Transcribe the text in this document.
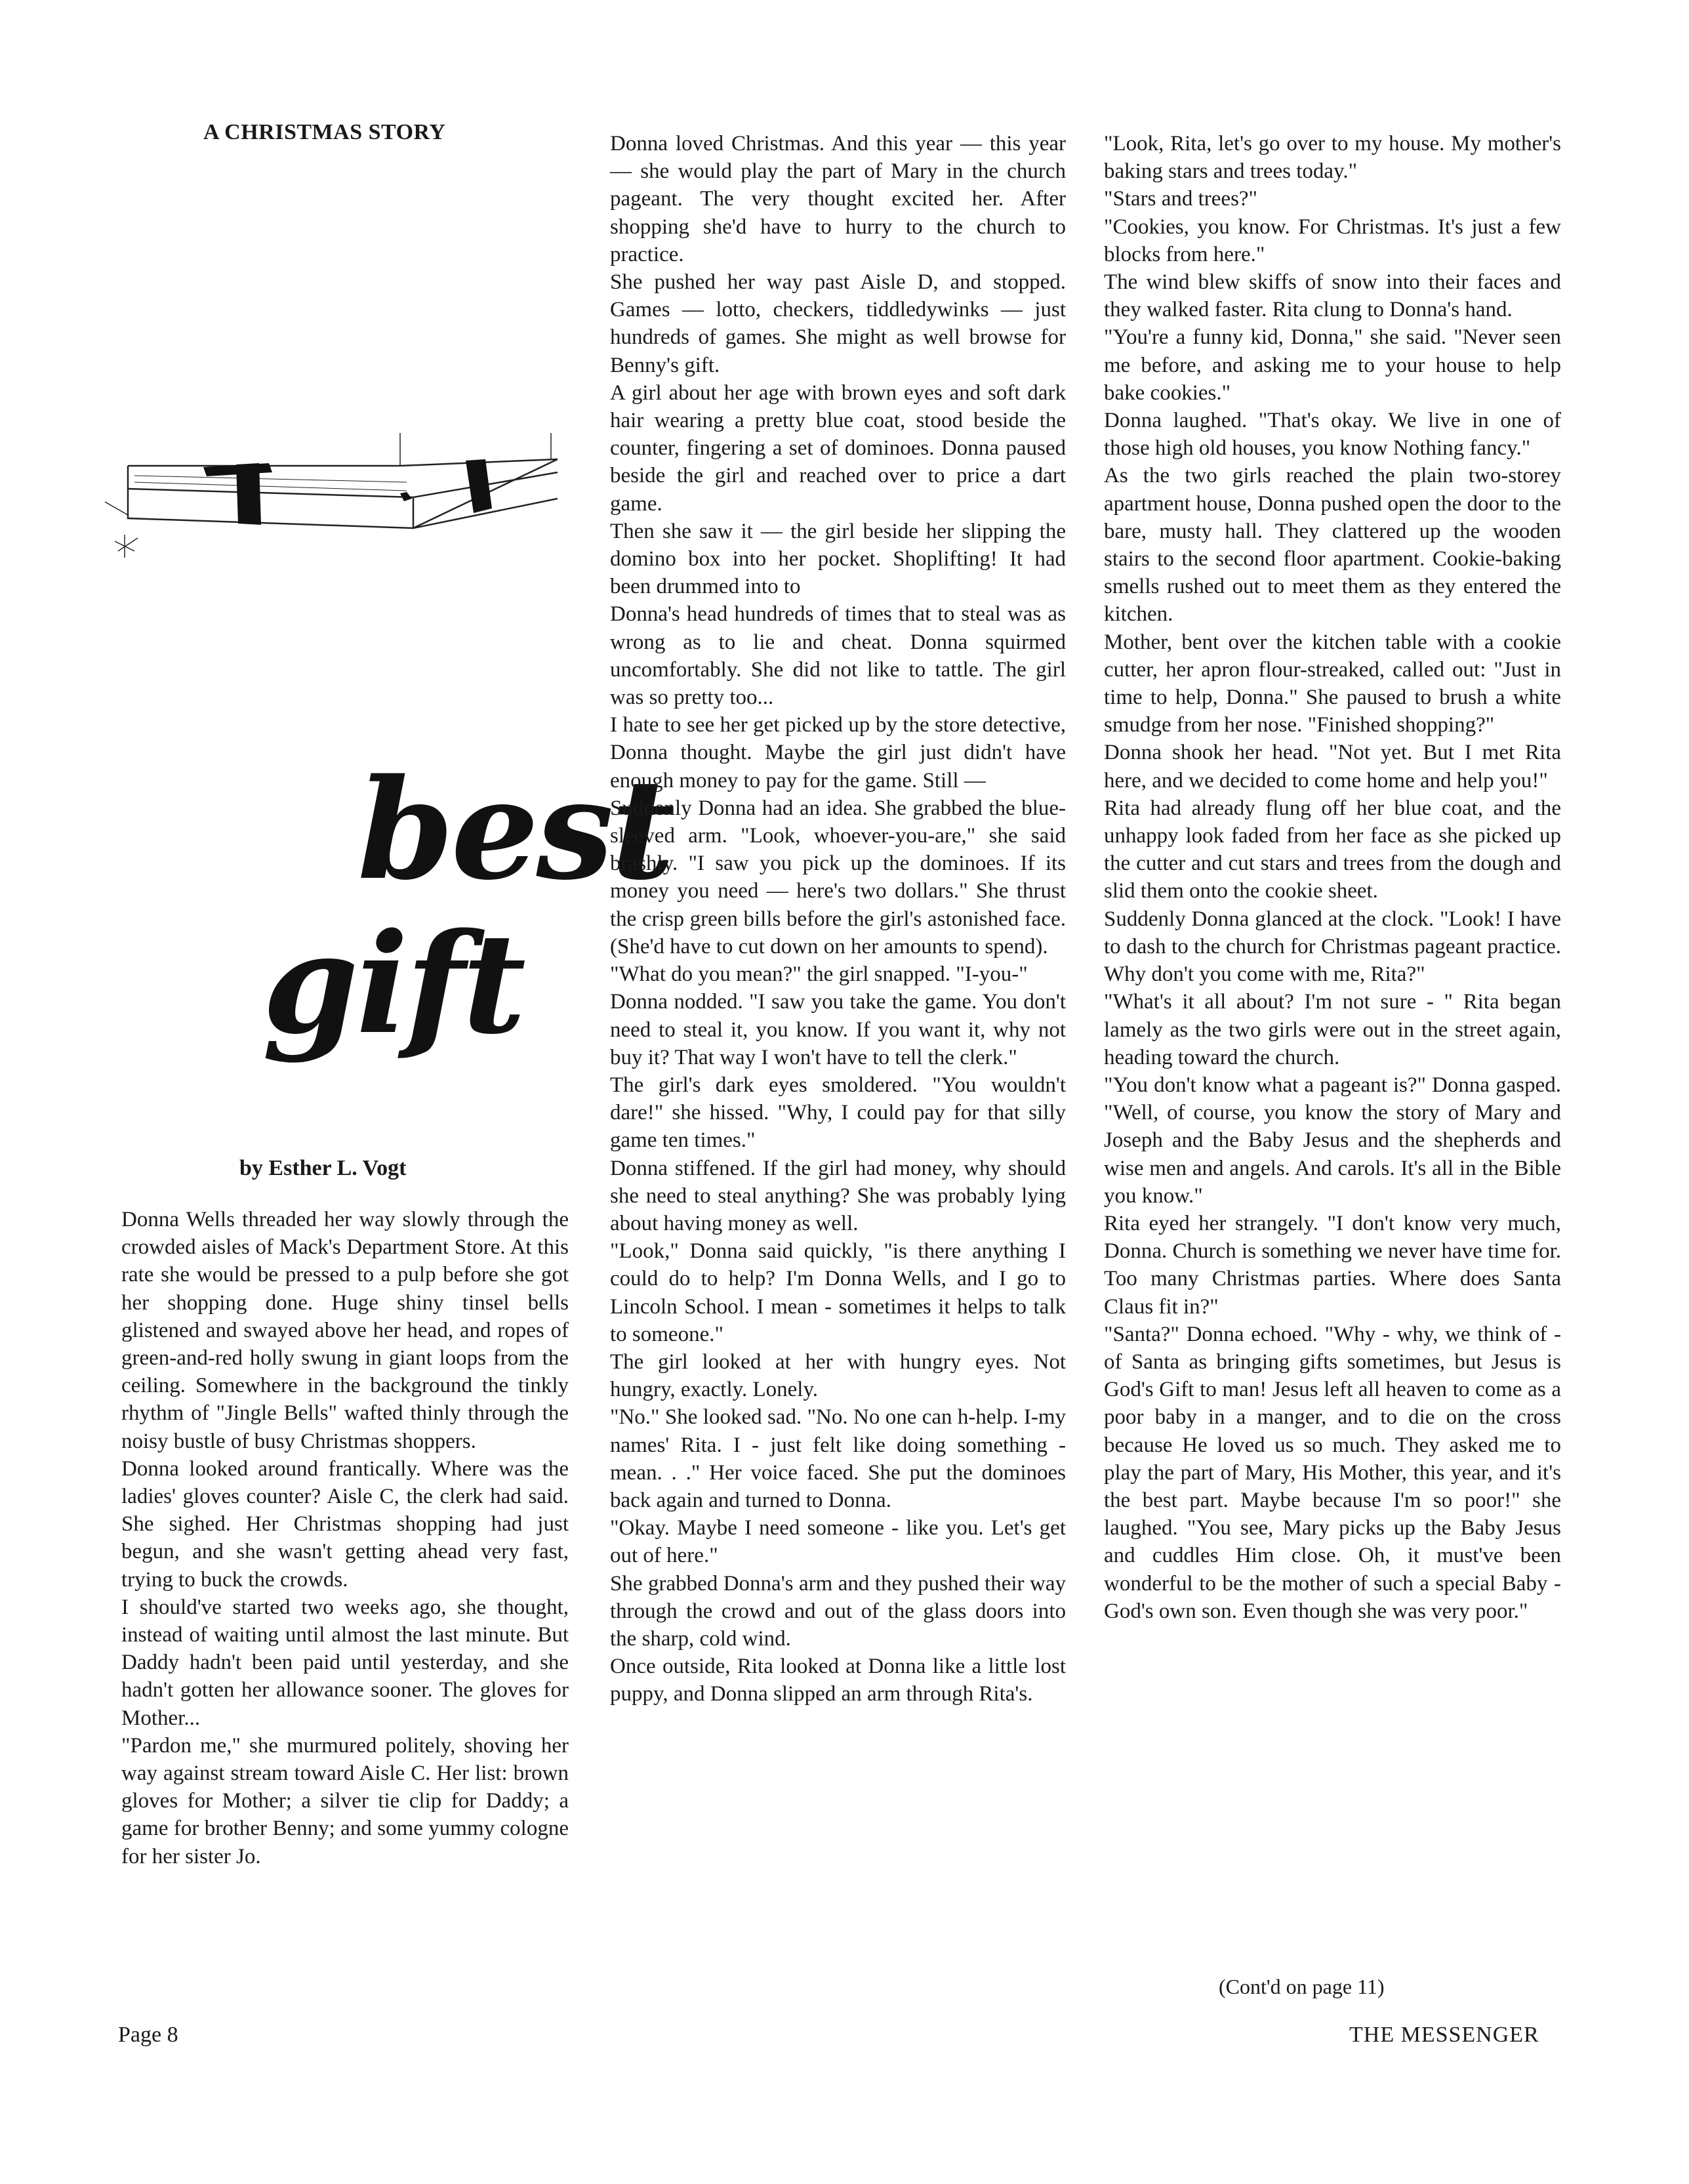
A CHRISTMAS STORY
best
gift
by Esther L. Vogt
Donna Wells threaded her way slowly through the crowded aisles of Mack's Department Store. At this rate she would be pressed to a pulp before she got her shopping done. Huge shiny tinsel bells glistened and swayed above her head, and ropes of green-and-red holly swung in giant loops from the ceiling. Somewhere in the background the tinkly rhythm of "Jingle Bells" wafted thinly through the noisy bustle of busy Christmas shoppers.
Donna looked around frantically. Where was the ladies' gloves counter? Aisle C, the clerk had said. She sighed. Her Christmas shopping had just begun, and she wasn't getting ahead very fast, trying to buck the crowds.
I should've started two weeks ago, she thought, instead of waiting until almost the last minute. But Daddy hadn't been paid until yesterday, and she hadn't gotten her allowance sooner. The gloves for Mother...
"Pardon me," she murmured politely, shoving her way against stream toward Aisle C. Her list: brown gloves for Mother; a silver tie clip for Daddy; a game for brother Benny; and some yummy cologne for her sister Jo.
Donna loved Christmas. And this year — this year — she would play the part of Mary in the church pageant. The very thought excited her. After shopping she'd have to hurry to the church to practice.
She pushed her way past Aisle D, and stopped. Games — lotto, checkers, tiddledywinks — just hundreds of games. She might as well browse for Benny's gift.
A girl about her age with brown eyes and soft dark hair wearing a pretty blue coat, stood beside the counter, fingering a set of dominoes. Donna paused beside the girl and reached over to price a dart game.
Then she saw it — the girl beside her slipping the domino box into her pocket. Shoplifting! It had been drummed into to
Donna's head hundreds of times that to steal was as wrong as to lie and cheat. Donna squirmed uncomfortably. She did not like to tattle. The girl was so pretty too...
I hate to see her get picked up by the store detective, Donna thought. Maybe the girl just didn't have enough money to pay for the game. Still —
Suddenly Donna had an idea. She grabbed the blue-sleeved arm. "Look, whoever-you-are," she said brashly. "I saw you pick up the dominoes. If its money you need — here's two dollars." She thrust the crisp green bills before the girl's astonished face. (She'd have to cut down on her amounts to spend).
"What do you mean?" the girl snapped. "I-you-"
Donna nodded. "I saw you take the game. You don't need to steal it, you know. If you want it, why not buy it? That way I won't have to tell the clerk."
The girl's dark eyes smoldered. "You wouldn't dare!" she hissed. "Why, I could pay for that silly game ten times."
Donna stiffened. If the girl had money, why should she need to steal anything? She was probably lying about having money as well.
"Look," Donna said quickly, "is there anything I could do to help? I'm Donna Wells, and I go to Lincoln School. I mean - sometimes it helps to talk to someone."
The girl looked at her with hungry eyes. Not hungry, exactly. Lonely.
"No." She looked sad. "No. No one can h-help. I-my names' Rita. I - just felt like doing something - mean. . ." Her voice faced. She put the dominoes back again and turned to Donna.
"Okay. Maybe I need someone - like you. Let's get out of here."
She grabbed Donna's arm and they pushed their way through the crowd and out of the glass doors into the sharp, cold wind.
Once outside, Rita looked at Donna like a little lost puppy, and Donna slipped an arm through Rita's.
"Look, Rita, let's go over to my house. My mother's baking stars and trees today."
"Stars and trees?"
"Cookies, you know. For Christmas. It's just a few blocks from here."
The wind blew skiffs of snow into their faces and they walked faster. Rita clung to Donna's hand.
"You're a funny kid, Donna," she said. "Never seen me before, and asking me to your house to help bake cookies."
Donna laughed. "That's okay. We live in one of those high old houses, you know Nothing fancy."
As the two girls reached the plain two-storey apartment house, Donna pushed open the door to the bare, musty hall. They clattered up the wooden stairs to the second floor apartment. Cookie-baking smells rushed out to meet them as they entered the kitchen.
Mother, bent over the kitchen table with a cookie cutter, her apron flour-streaked, called out: "Just in time to help, Donna." She paused to brush a white smudge from her nose. "Finished shopping?"
Donna shook her head. "Not yet. But I met Rita here, and we decided to come home and help you!"
Rita had already flung off her blue coat, and the unhappy look faded from her face as she picked up the cutter and cut stars and trees from the dough and slid them onto the cookie sheet.
Suddenly Donna glanced at the clock. "Look! I have to dash to the church for Christmas pageant practice. Why don't you come with me, Rita?"
"What's it all about? I'm not sure - " Rita began lamely as the two girls were out in the street again, heading toward the church.
"You don't know what a pageant is?" Donna gasped. "Well, of course, you know the story of Mary and Joseph and the Baby Jesus and the shepherds and wise men and angels. And carols. It's all in the Bible you know."
Rita eyed her strangely. "I don't know very much, Donna. Church is something we never have time for. Too many Christmas parties. Where does Santa Claus fit in?"
"Santa?" Donna echoed. "Why - why, we think of - of Santa as bringing gifts sometimes, but Jesus is God's Gift to man! Jesus left all heaven to come as a poor baby in a manger, and to die on the cross because He loved us so much. They asked me to play the part of Mary, His Mother, this year, and it's the best part. Maybe because I'm so poor!" she laughed. "You see, Mary picks up the Baby Jesus and cuddles Him close. Oh, it must've been wonderful to be the mother of such a special Baby - God's own son. Even though she was very poor."
(Cont'd on page 11)
Page 8	THE MESSENGER
